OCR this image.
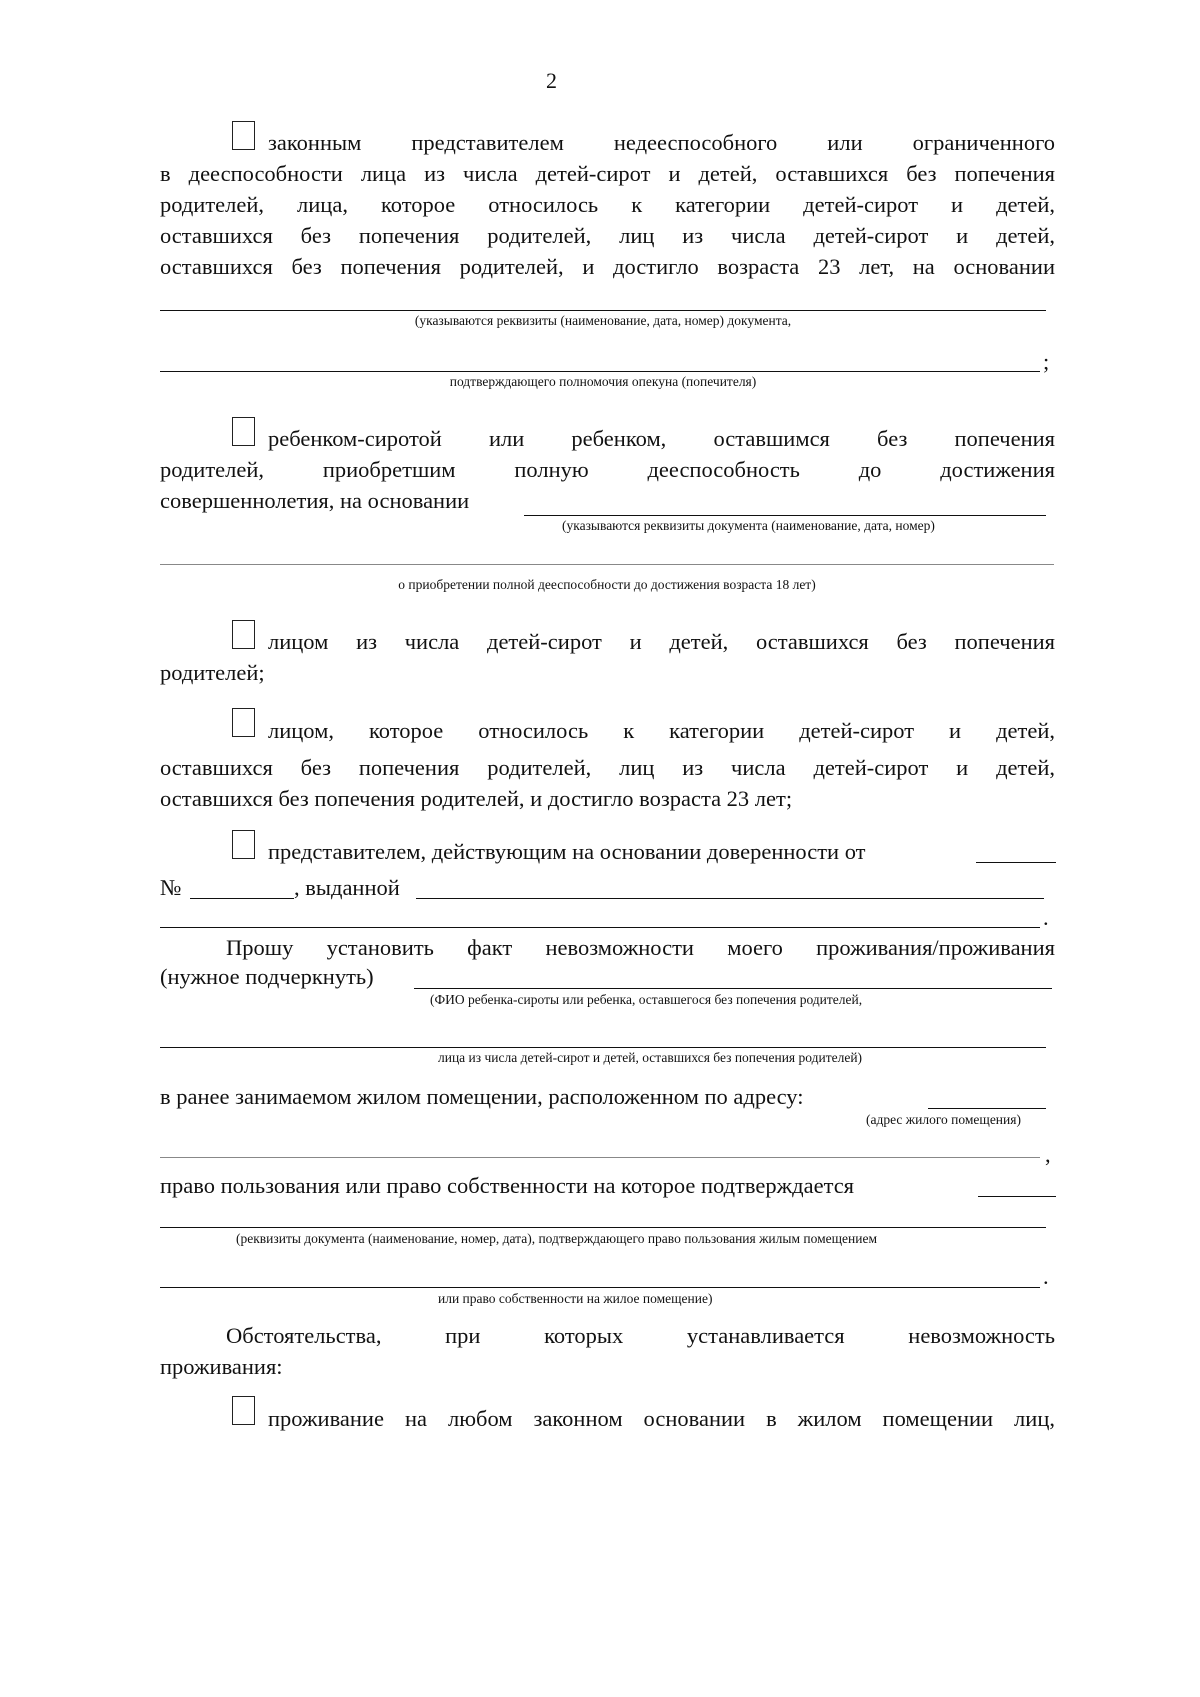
2
законным представителем недееспособного или ограниченного
в дееспособности лица из числа детей-сирот и детей, оставшихся без попечения
родителей, лица, которое относилось к категории детей-сирот и детей,
оставшихся без попечения родителей, лиц из числа детей-сирот и детей,
оставшихся без попечения родителей, и достигло возраста 23 лет, на основании
(указываются реквизиты (наименование, дата, номер) документа,
;
подтверждающего полномочия опекуна (попечителя)
ребенком-сиротой или ребенком, оставшимся без попечения
родителей, приобретшим полную дееспособность до достижения
совершеннолетия, на основании
(указываются реквизиты документа (наименование, дата, номер)
о приобретении полной дееспособности до достижения возраста 18 лет)
лицом из числа детей-сирот и детей, оставшихся без попечения
родителей;
лицом, которое относилось к категории детей-сирот и детей,
оставшихся без попечения родителей, лиц из числа детей-сирот и детей,
оставшихся без попечения родителей, и достигло возраста 23 лет;
представителем, действующим на основании доверенности от
№	, выданной
.
Прошу установить факт невозможности моего проживания/проживания
(нужное подчеркнуть)
(ФИО ребенка-сироты или ребенка, оставшегося без попечения родителей,
лица из числа детей-сирот и детей, оставшихся без попечения родителей)
в ранее занимаемом жилом помещении, расположенном по адресу:
(адрес жилого помещения)
,
право пользования или право собственности на которое подтверждается
(реквизиты документа (наименование, номер, дата), подтверждающего право пользования жилым помещением
.
или право собственности на жилое помещение)
Обстоятельства, при которых устанавливается невозможность
проживания:
проживание на любом законном основании в жилом помещении лиц,
